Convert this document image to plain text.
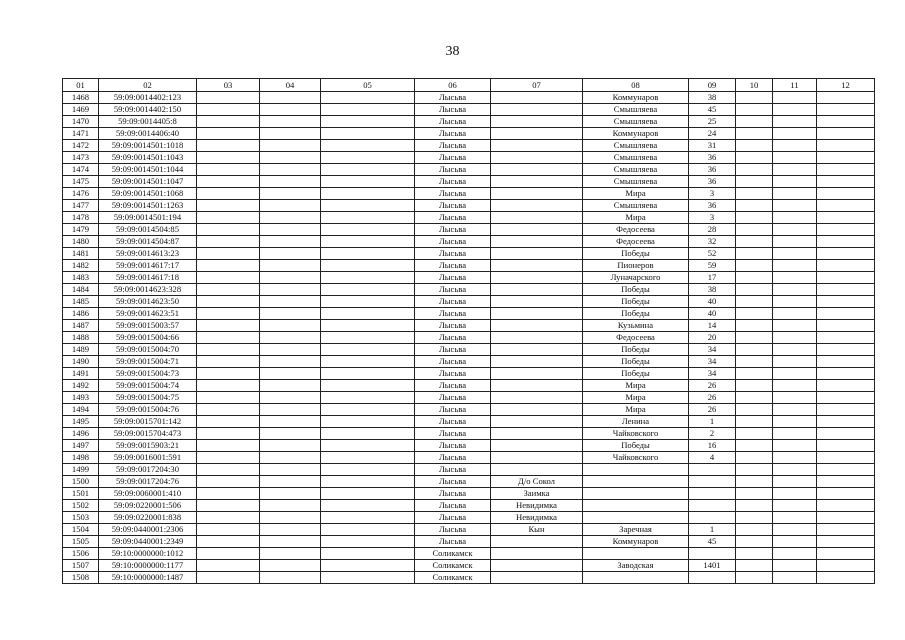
38
01	02	03	04	05	06	07	08	09	10	11	12
1468	59:09:0014402:123				Лысьва		Коммунаров	38			
1469	59:09:0014402:150				Лысьва		Смышляева	45			
1470	59:09:0014405:8				Лысьва		Смышляева	25			
1471	59:09:0014406:40				Лысьва		Коммунаров	24			
1472	59:09:0014501:1018				Лысьва		Смышляева	31			
1473	59:09:0014501:1043				Лысьва		Смышляева	36			
1474	59:09:0014501:1044				Лысьва		Смышляева	36			
1475	59:09:0014501:1047				Лысьва		Смышляева	36			
1476	59:09:0014501:1068				Лысьва		Мира	3			
1477	59:09:0014501:1263				Лысьва		Смышляева	36			
1478	59:09:0014501:194				Лысьва		Мира	3			
1479	59:09:0014504:85				Лысьва		Федосеева	28			
1480	59:09:0014504:87				Лысьва		Федосеева	32			
1481	59:09:0014613:23				Лысьва		Победы	52			
1482	59:09:0014617:17				Лысьва		Пионеров	59			
1483	59:09:0014617:18				Лысьва		Луначарского	17			
1484	59:09:0014623:328				Лысьва		Победы	38			
1485	59:09:0014623:50				Лысьва		Победы	40			
1486	59:09:0014623:51				Лысьва		Победы	40			
1487	59:09:0015003:57				Лысьва		Кузьмина	14			
1488	59:09:0015004:66				Лысьва		Федосеева	20			
1489	59:09:0015004:70				Лысьва		Победы	34			
1490	59:09:0015004:71				Лысьва		Победы	34			
1491	59:09:0015004:73				Лысьва		Победы	34			
1492	59:09:0015004:74				Лысьва		Мира	26			
1493	59:09:0015004:75				Лысьва		Мира	26			
1494	59:09:0015004:76				Лысьва		Мира	26			
1495	59:09:0015701:142				Лысьва		Ленина	1			
1496	59:09:0015704:473				Лысьва		Чайковского	2			
1497	59:09:0015903:21				Лысьва		Победы	16			
1498	59:09:0016001:591				Лысьва		Чайковского	4			
1499	59:09:0017204:30				Лысьва						
1500	59:09:0017204:76				Лысьва	Д/о Сокол					
1501	59:09:0060001:410				Лысьва	Заимка					
1502	59:09:0220001:506				Лысьва	Невидимка					
1503	59:09:0220001:838				Лысьва	Невидимка					
1504	59:09:0440001:2306				Лысьва	Кын	Заречная	1			
1505	59:09:0440001:2349				Лысьва		Коммунаров	45			
1506	59:10:0000000:1012				Соликамск						
1507	59:10:0000000:1177				Соликамск		Заводская	1401			
1508	59:10:0000000:1487				Соликамск						
